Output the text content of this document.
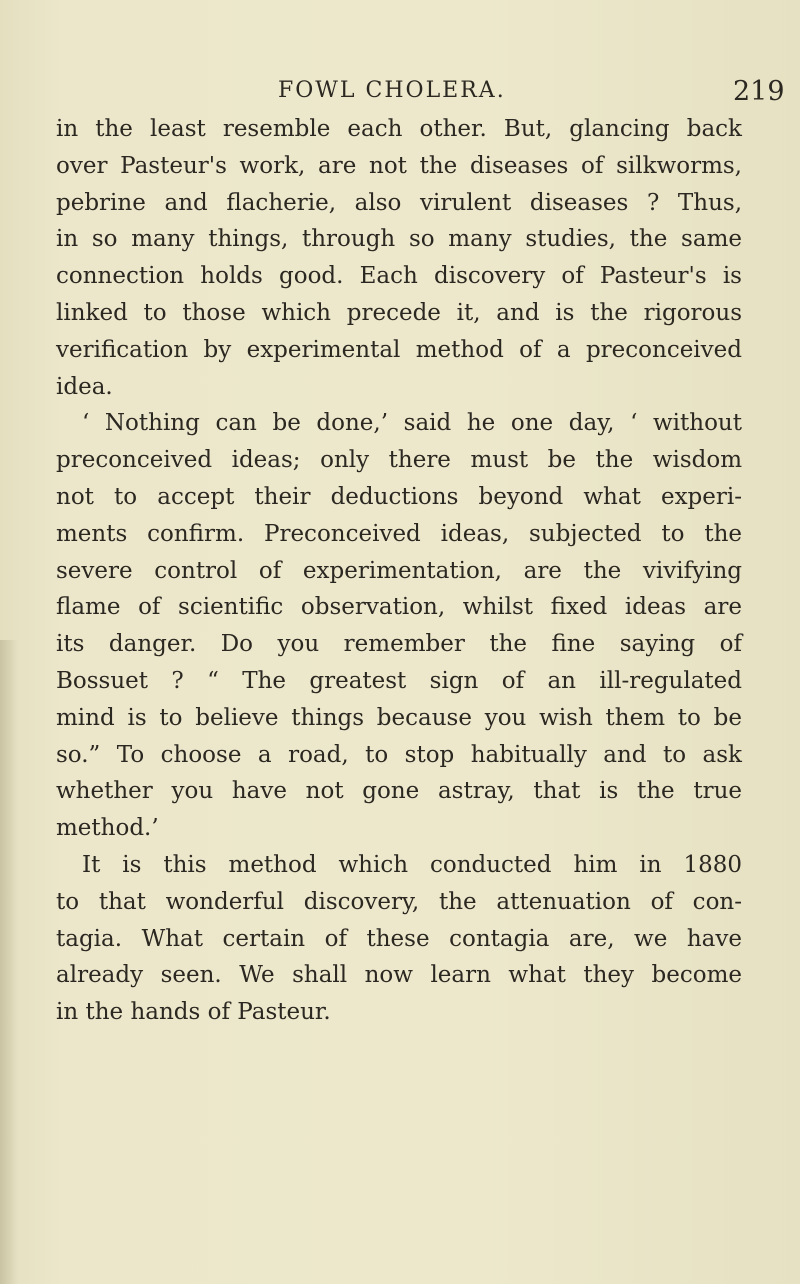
FOWL CHOLERA.	219
in the least resemble each other. But, glancing back
over Pasteur's work, are not the diseases of silkworms,
pebrine and flacherie, also virulent diseases ? Thus,
in so many things, through so many studies, the same
connection holds good. Each discovery of Pasteur's is
linked to those which precede it, and is the rigorous
verification by experimental method of a preconceived
idea.
‘ Nothing can be done,’ said he one day, ‘ without
preconceived ideas; only there must be the wisdom
not to accept their deductions beyond what experi-
ments confirm. Preconceived ideas, subjected to the
severe control of experimentation, are the vivifying
flame of scientific observation, whilst fixed ideas are
its danger. Do you remember the fine saying of
Bossuet ? “ The greatest sign of an ill-regulated
mind is to believe things because you wish them to be
so.” To choose a road, to stop habitually and to ask
whether you have not gone astray, that is the true
method.’
It is this method which conducted him in 1880
to that wonderful discovery, the attenuation of con-
tagia. What certain of these contagia are, we have
already seen. We shall now learn what they become
in the hands of Pasteur.
